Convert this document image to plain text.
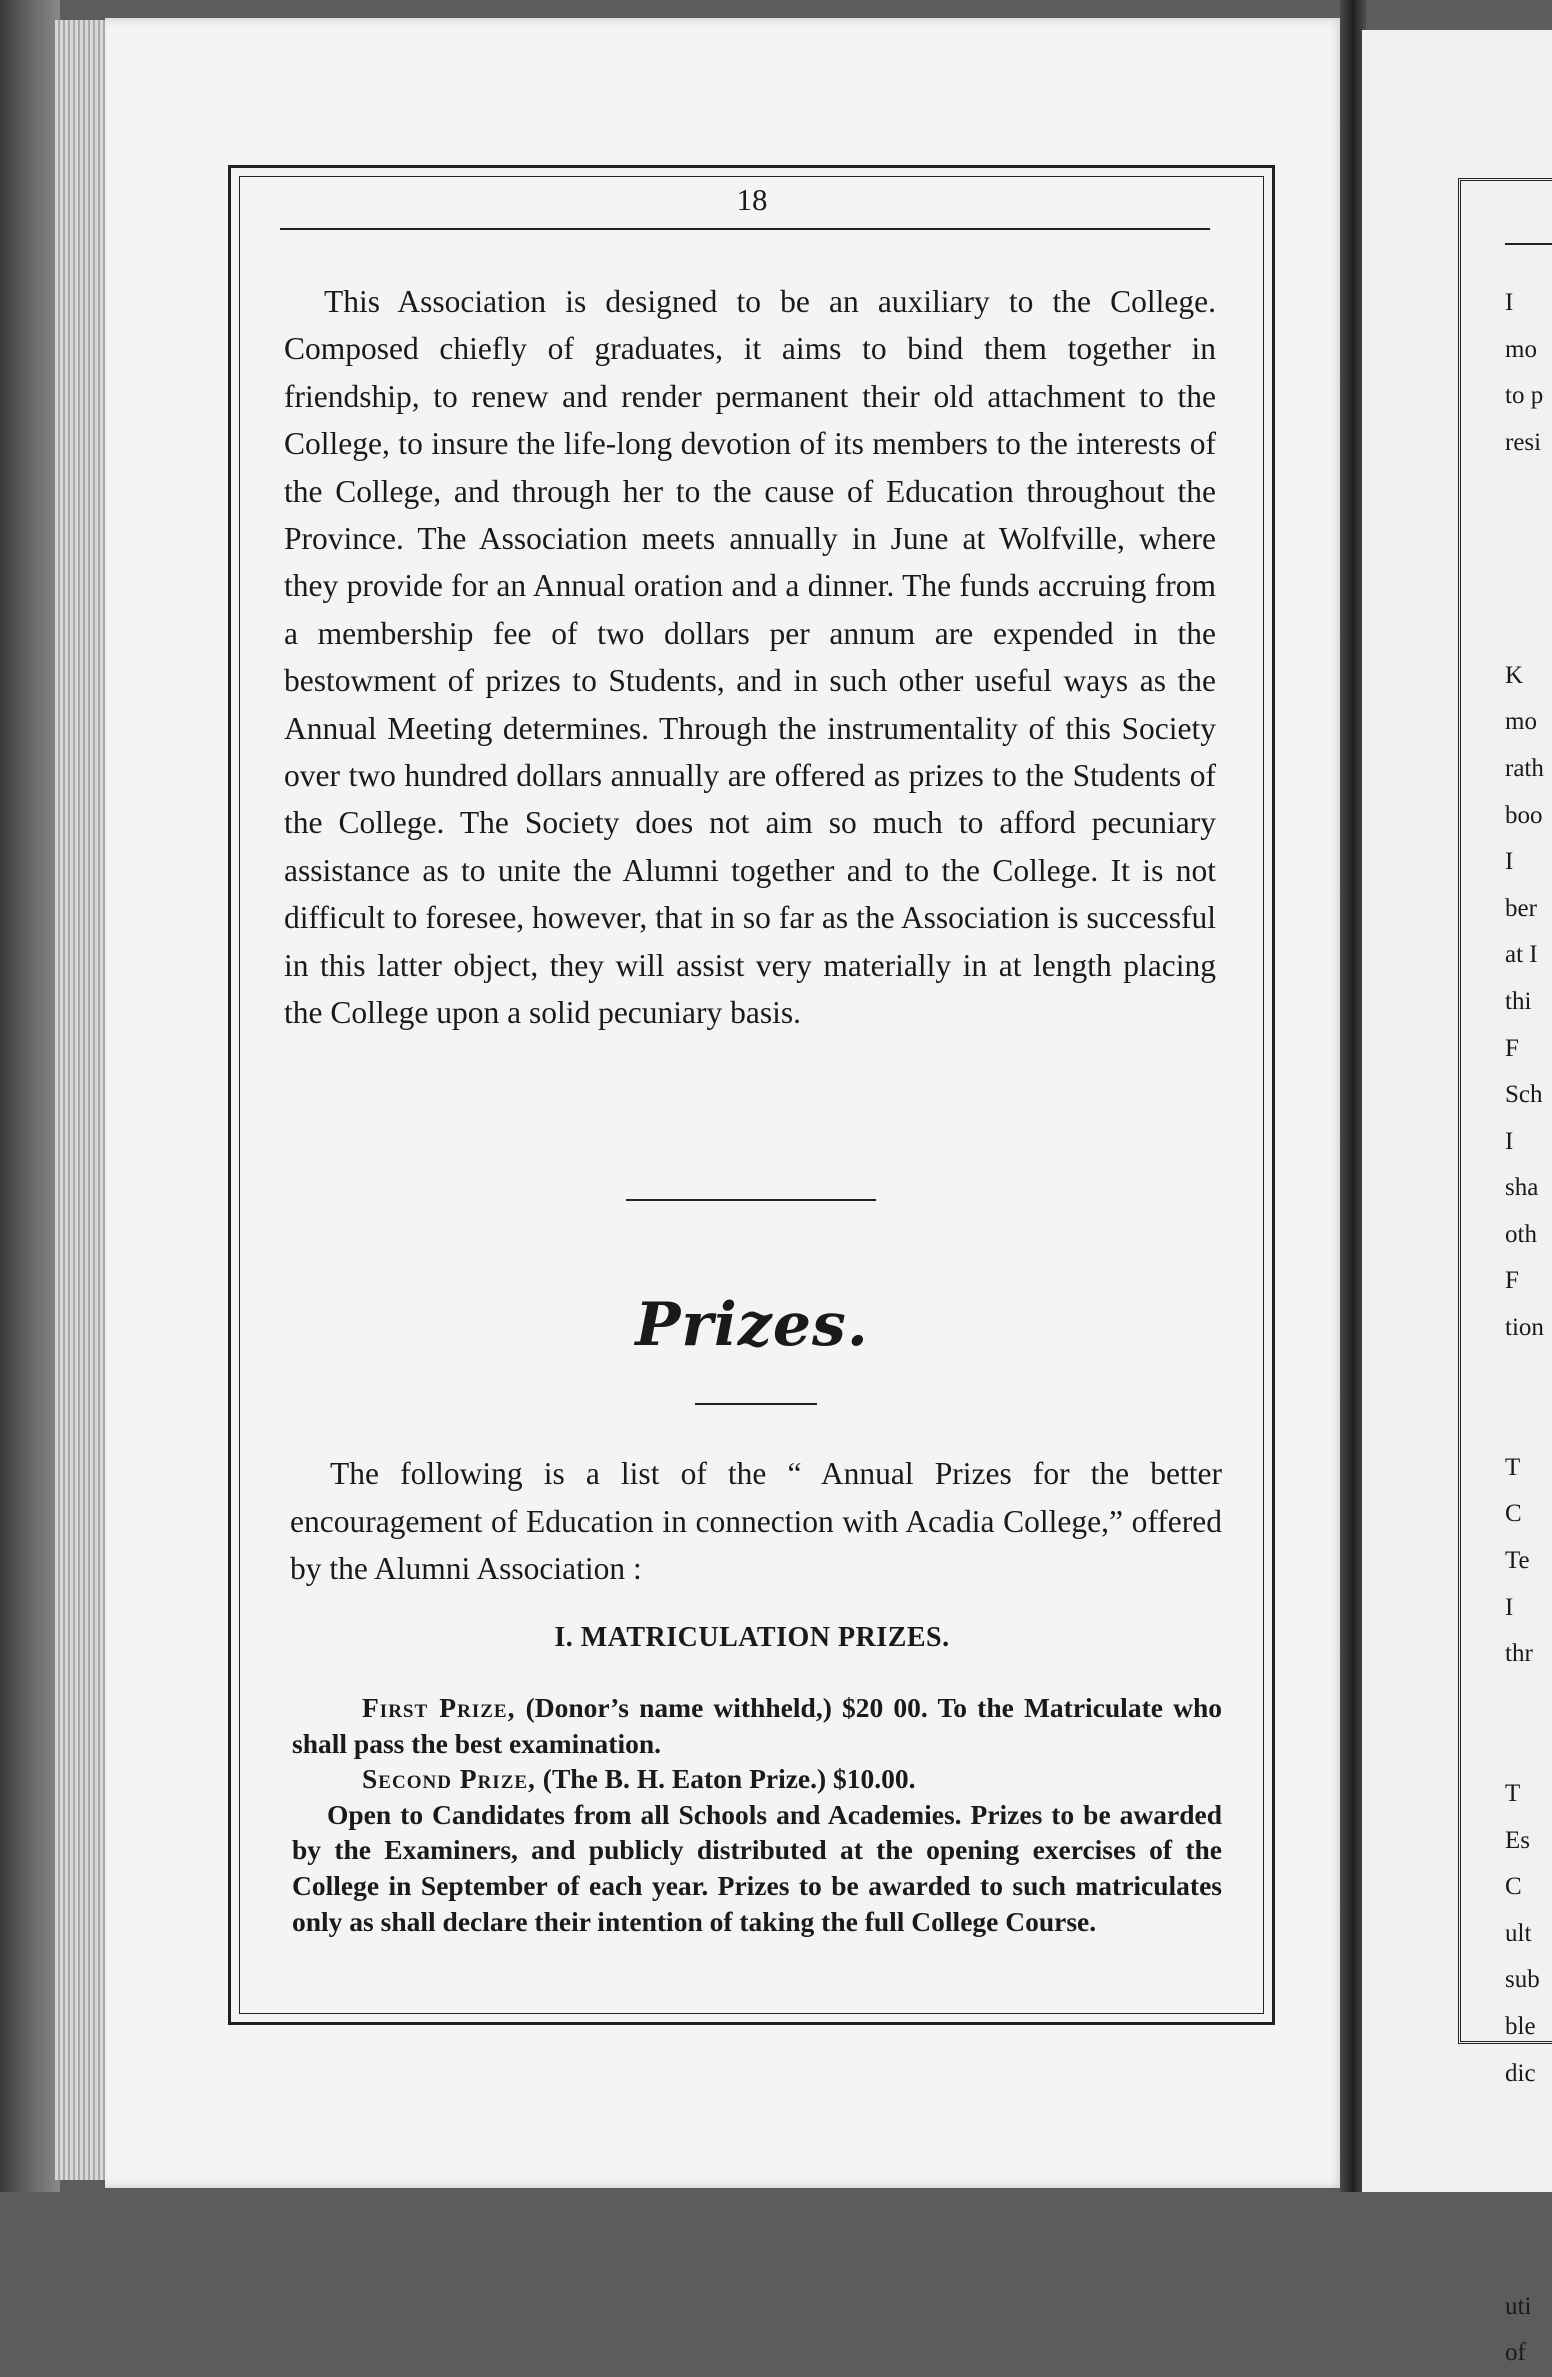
I
mo
to p
resi
K
mo
rath
boo
I
ber
at I
thi
F
Sch
I
sha
oth
F
tion
T
C
Te
I
thr
T
Es
C
ult
sub
ble
dic
uti
of
18

This Association is designed to be an auxiliary to the College. Composed chiefly of graduates, it aims to bind them together in friendship, to renew and render permanent their old attachment to the College, to insure the life-long devotion of its members to the interests of the College, and through her to the cause of Education throughout the Province. The Association meets annually in June at Wolfville, where they provide for an Annual oration and a dinner. The funds accruing from a membership fee of two dollars per annum are expended in the bestowment of prizes to Students, and in such other useful ways as the Annual Meeting determines. Through the instrumentality of this Society over two hundred dollars annually are offered as prizes to the Students of the College. The Society does not aim so much to afford pecuniary assistance as to unite the Alumni together and to the College. It is not difficult to foresee, however, that in so far as the Association is successful in this latter object, they will assist very materially in at length placing the College upon a solid pecuniary basis.

Prizes.

The following is a list of the “ Annual Prizes for the better encouragement of Education in connection with Acadia College,” offered by the Alumni Association :

I. MATRICULATION PRIZES.

First Prize, (Donor’s name withheld,) $20 00. To the Matriculate who shall pass the best examination.

Second Prize, (The B. H. Eaton Prize.) $10.00.

Open to Candidates from all Schools and Academies. Prizes to be awarded by the Examiners, and publicly distributed at the opening exercises of the College in September of each year. Prizes to be awarded to such matriculates only as shall declare their intention of taking the full College Course.
